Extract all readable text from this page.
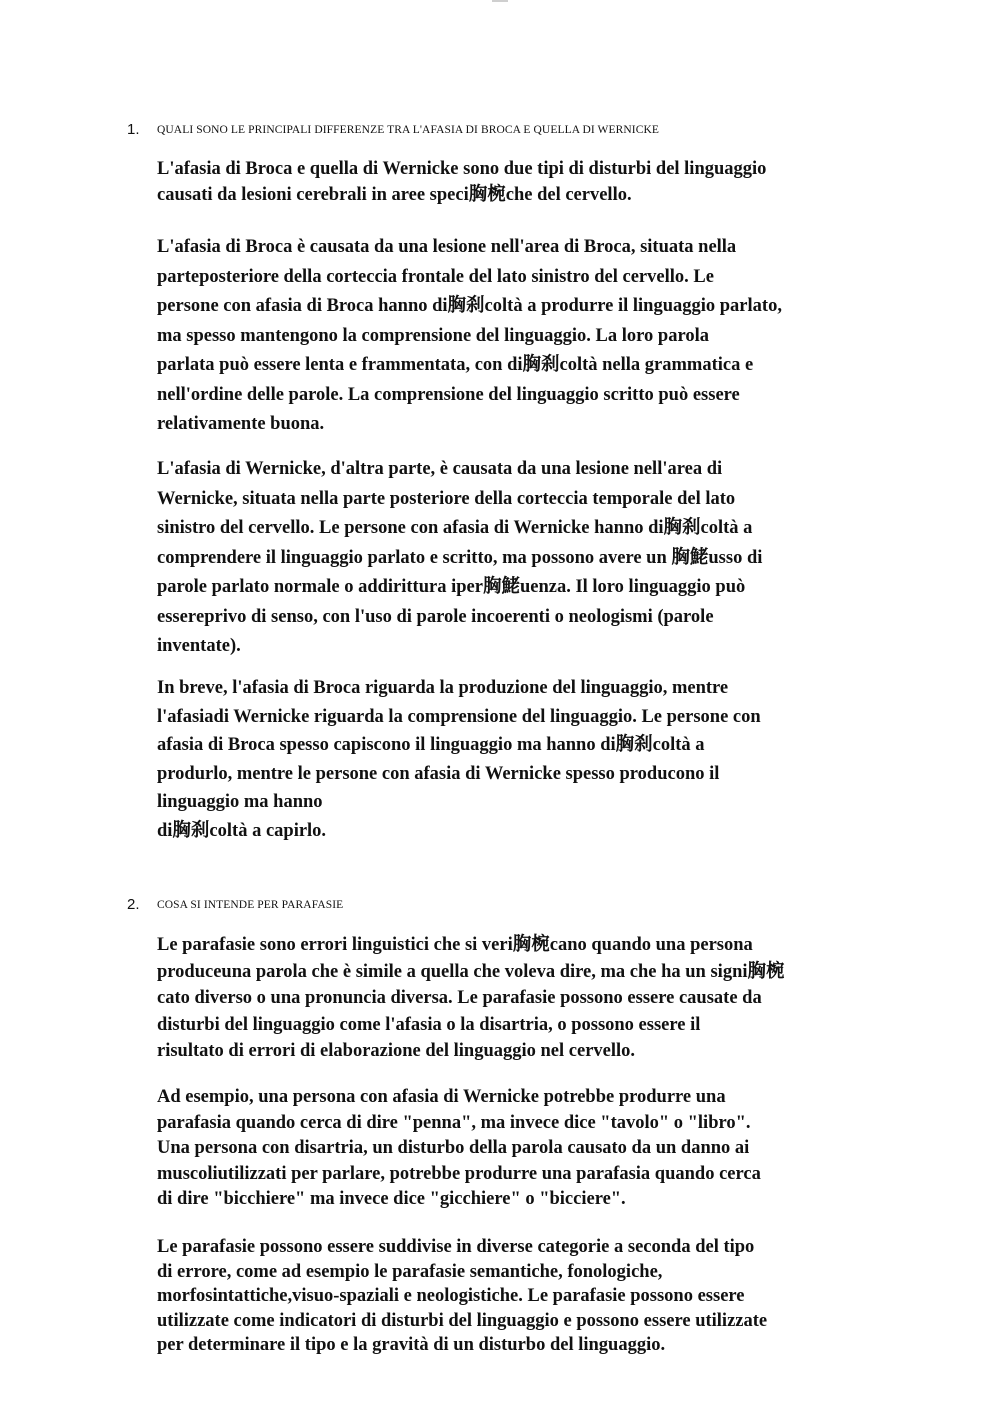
1. QUALI SONO LE PRINCIPALI DIFFERENZE TRA L'AFASIA DI BROCA E QUELLA DI WERNICKE
L'afasia di Broca e quella di Wernicke sono due tipi di disturbi del linguaggio
causati da lesioni cerebrali in aree speci胸椀che del cervello.
L'afasia di Broca è causata da una lesione nell'area di Broca, situata nella
parteposteriore della corteccia frontale del lato sinistro del cervello. Le
persone con afasia di Broca hanno di胸刹coltà a produrre il linguaggio parlato,
ma spesso mantengono la comprensione del linguaggio. La loro parola
parlata può essere lenta e frammentata, con di胸刹coltà nella grammatica e
nell'ordine delle parole. La comprensione del linguaggio scritto può essere
relativamente buona.
L'afasia di Wernicke, d'altra parte, è causata da una lesione nell'area di
Wernicke, situata nella parte posteriore della corteccia temporale del lato
sinistro del cervello. Le persone con afasia di Wernicke hanno di胸刹coltà a
comprendere il linguaggio parlato e scritto, ma possono avere un 胸鮱usso di
parole parlato normale o addirittura iper胸鮱uenza. Il loro linguaggio può
esserеprivo di senso, con l'uso di parole incoerenti o neologismi (parole
inventate).
In breve, l'afasia di Broca riguarda la produzione del linguaggio, mentre
l'afasiadi Wernicke riguarda la comprensione del linguaggio. Le persone con
afasia di Broca spesso capiscono il linguaggio ma hanno di胸刹coltà a
produrlo, mentre le persone con afasia di Wernicke spesso producono il
linguaggio ma hanno
di胸刹coltà a capirlo.
2. COSA SI INTENDE PER PARAFASIE
Le parafasie sono errori linguistici che si veri胸椀cano quando una persona
produceuna parola che è simile a quella che voleva dire, ma che ha un signi胸椀
cato diverso o una pronuncia diversa. Le parafasie possono essere causate da
disturbi del linguaggio come l'afasia o la disartria, o possono essere il
risultato di errori di elaborazione del linguaggio nel cervello.
Ad esempio, una persona con afasia di Wernicke potrebbe produrre una
parafasia quando cerca di dire "penna", ma invece dice "tavolo" o "libro".
Una persona con disartria, un disturbo della parola causato da un danno ai
muscoliutilizzati per parlare, potrebbe produrre una parafasia quando cerca
di dire "bicchiere" ma invece dice "gicchiere" o "bicciere".
Le parafasie possono essere suddivise in diverse categorie a seconda del tipo
di errore, come ad esempio le parafasie semantiche, fonologiche,
morfosintattiche,visuo-spaziali e neologistiche. Le parafasie possono essere
utilizzate come indicatori di disturbi del linguaggio e possono essere utilizzate
per determinare il tipo e la gravità di un disturbo del linguaggio.
